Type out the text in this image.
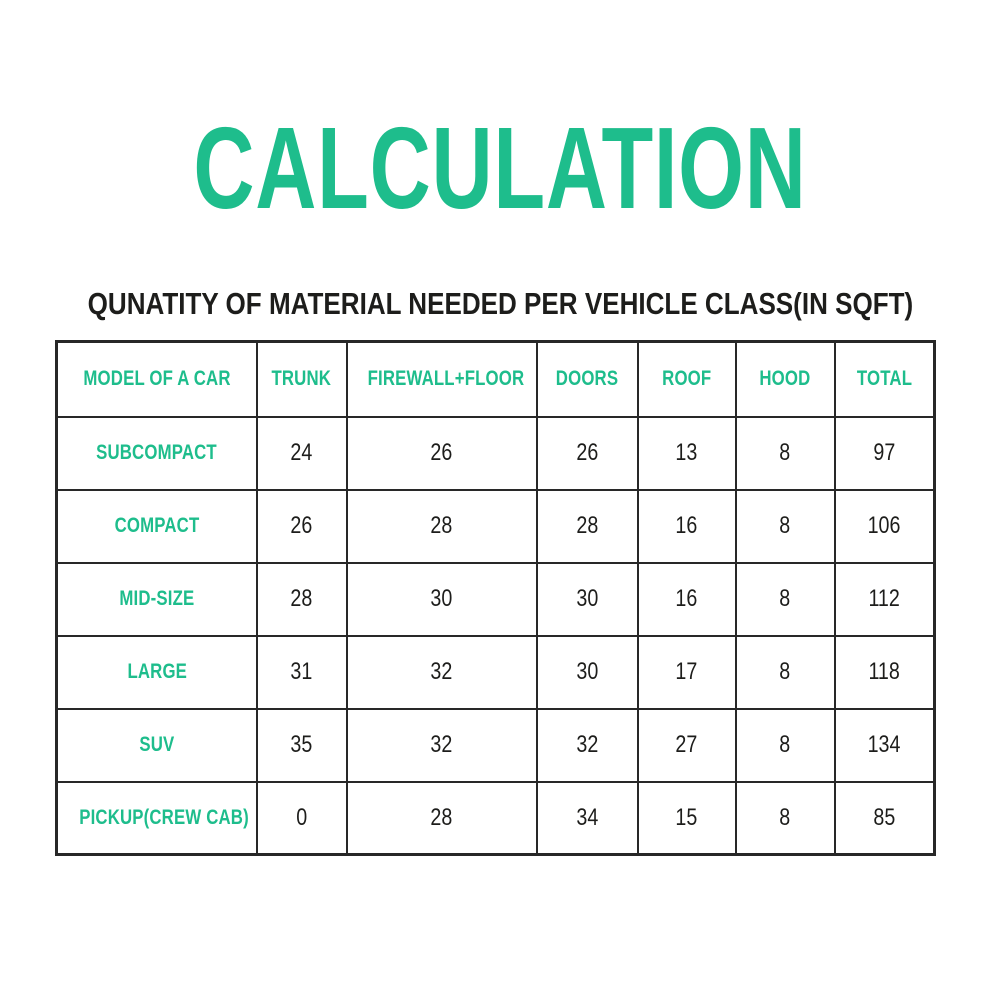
CALCULATION
QUNATITY OF MATERIAL NEEDED PER VEHICLE CLASS(IN SQFT)
MODEL OF A CAR	TRUNK	FIREWALL+FLOOR	DOORS	ROOF	HOOD	TOTAL
SUBCOMPACT	24	26	26	13	8	97
COMPACT	26	28	28	16	8	106
MID-SIZE	28	30	30	16	8	112
LARGE	31	32	30	17	8	118
SUV	35	32	32	27	8	134
PICKUP(CREW CAB)	0	28	34	15	8	85
